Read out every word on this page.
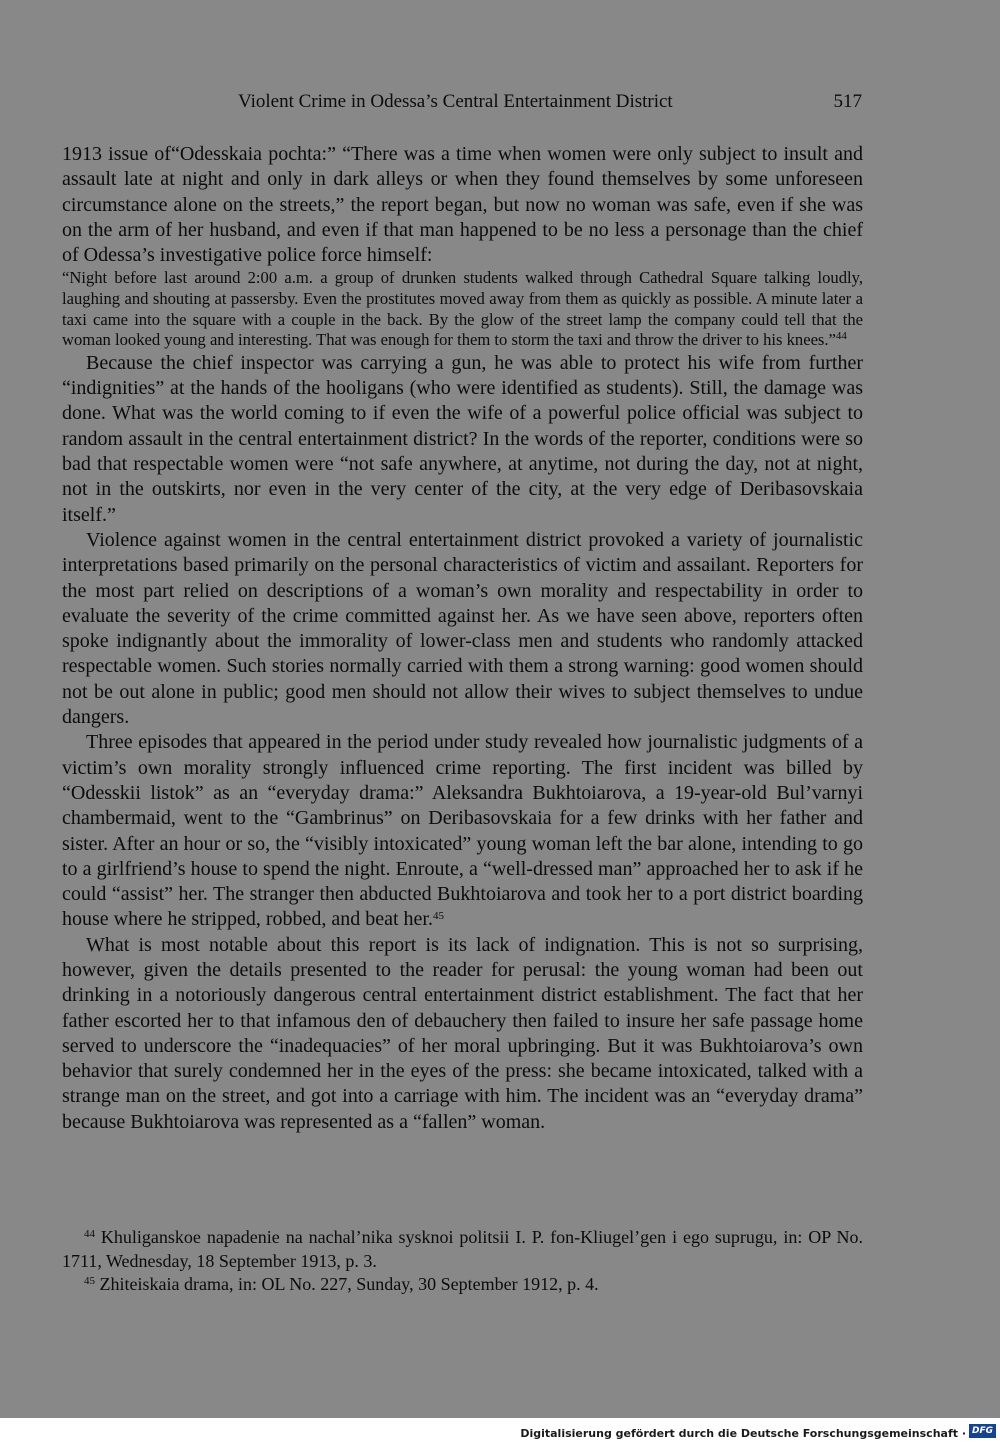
Violent Crime in Odessa’s Central Entertainment District	517

1913 issue of“Odesskaia pochta:” “There was a time when women were only subject to insult and assault late at night and only in dark alleys or when they found themselves by some unforeseen circumstance alone on the streets,” the report began, but now no woman was safe, even if she was on the arm of her husband, and even if that man happened to be no less a personage than the chief of Odessa’s investigative police force himself:

“Night before last around 2:00 a.m. a group of drunken students walked through Cathedral Square talking loudly, laughing and shouting at passersby. Even the prostitutes moved away from them as quickly as possible. A minute later a taxi came into the square with a couple in the back. By the glow of the street lamp the company could tell that the woman looked young and interesting. That was enough for them to storm the taxi and throw the driver to his knees.”$^{44}$

Because the chief inspector was carrying a gun, he was able to protect his wife from further “indignities” at the hands of the hooligans (who were identified as students). Still, the damage was done. What was the world coming to if even the wife of a powerful police official was subject to random assault in the central entertainment district? In the words of the reporter, conditions were so bad that respectable women were “not safe anywhere, at anytime, not during the day, not at night, not in the outskirts, nor even in the very center of the city, at the very edge of Deribasovskaia itself.”

Violence against women in the central entertainment district provoked a variety of journalistic interpretations based primarily on the personal characteristics of victim and assailant. Reporters for the most part relied on descriptions of a woman’s own morality and respectability in order to evaluate the severity of the crime committed against her. As we have seen above, reporters often spoke indignantly about the immorality of lower-class men and students who randomly attacked respectable women. Such stories normally carried with them a strong warning: good women should not be out alone in public; good men should not allow their wives to subject themselves to undue dangers.

Three episodes that appeared in the period under study revealed how journalistic judgments of a victim’s own morality strongly influenced crime reporting. The first incident was billed by “Odesskii listok” as an “everyday drama:” Aleksandra Bukhtoiarova, a 19-year-old Bul’varnyi chambermaid, went to the “Gambrinus” on Deribasovskaia for a few drinks with her father and sister. After an hour or so, the “visibly intoxicated” young woman left the bar alone, intending to go to a girlfriend’s house to spend the night. Enroute, a “well-dressed man” approached her to ask if he could “assist” her. The stranger then abducted Bukhtoiarova and took her to a port district boarding house where he stripped, robbed, and beat her.$^{45}$

What is most notable about this report is its lack of indignation. This is not so surprising, however, given the details presented to the reader for perusal: the young woman had been out drinking in a notoriously dangerous central entertainment district establishment. The fact that her father escorted her to that infamous den of debauchery then failed to insure her safe passage home served to underscore the “inadequacies” of her moral upbringing. But it was Bukhtoiarova’s own behavior that surely condemned her in the eyes of the press: she became intoxicated, talked with a strange man on the street, and got into a carriage with him. The incident was an “everyday drama” because Bukhtoiarova was represented as a “fallen” woman.

$^{44}$ Khuliganskoe napadenie na nachal’nika sysknoi politsii I. P. fon-Kliugel’gen i ego suprugu, in: OP No. 1711, Wednesday, 18 September 1913, p. 3.

$^{45}$ Zhiteiskaia drama, in: OL No. 227, Sunday, 30 September 1912, p. 4.

Digitalisierung gefördert durch die Deutsche Forschungsgemeinschaft · DFG
